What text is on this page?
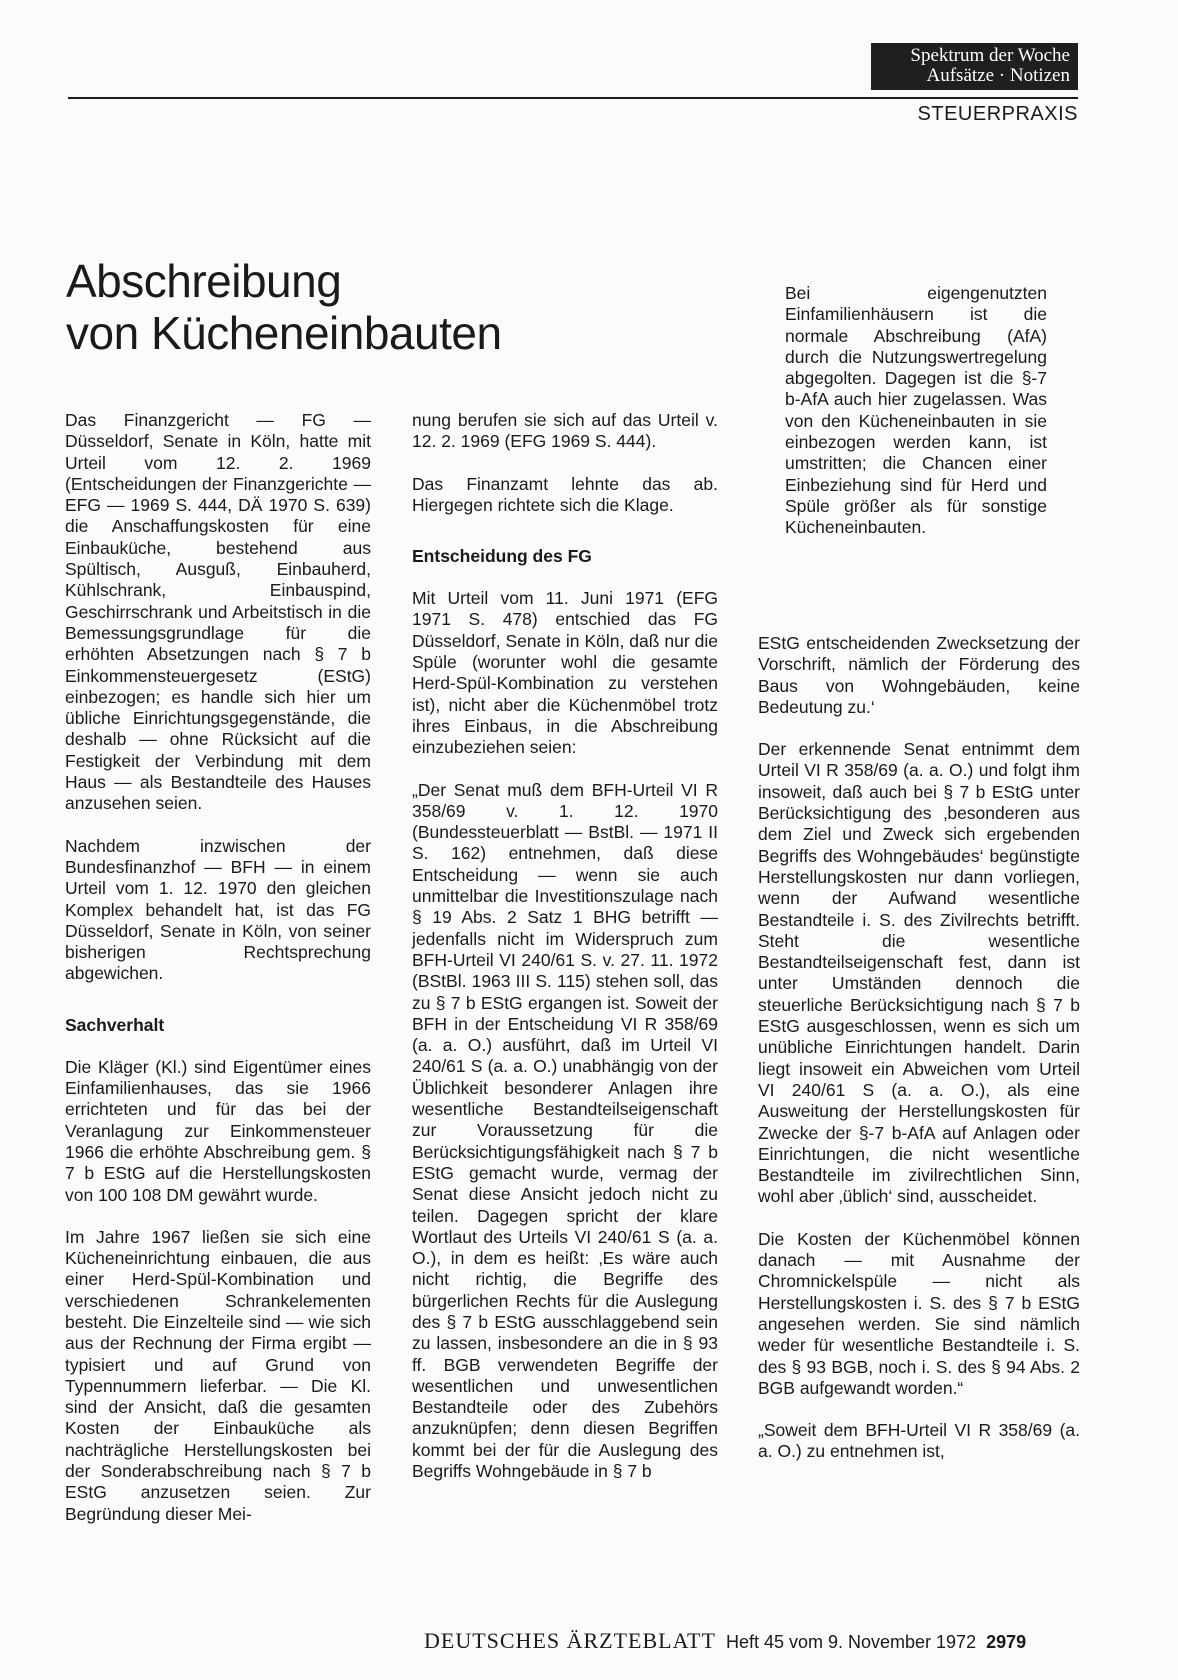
Spektrum der Woche
Aufsätze · Notizen
STEUERPRAXIS
Abschreibung
von Kücheneinbauten

Das Finanzgericht — FG — Düsseldorf, Senate in Köln, hatte mit Urteil vom 12. 2. 1969 (Entscheidungen der Finanzgerichte — EFG — 1969 S. 444, DÄ 1970 S. 639) die Anschaffungskosten für eine Einbauküche, bestehend aus Spültisch, Ausguß, Einbauherd, Kühlschrank, Einbauspind, Geschirrschrank und Arbeitstisch in die Bemessungsgrundlage für die erhöhten Absetzungen nach § 7 b Einkommensteuergesetz (EStG) einbezogen; es handle sich hier um übliche Einrichtungsgegenstände, die deshalb — ohne Rücksicht auf die Festigkeit der Verbindung mit dem Haus — als Bestandteile des Hauses anzusehen seien.

Nachdem inzwischen der Bundesfinanzhof — BFH — in einem Urteil vom 1. 12. 1970 den gleichen Komplex behandelt hat, ist das FG Düsseldorf, Senate in Köln, von seiner bisherigen Rechtsprechung abgewichen.

Sachverhalt

Die Kläger (Kl.) sind Eigentümer eines Einfamilienhauses, das sie 1966 errichteten und für das bei der Veranlagung zur Einkommensteuer 1966 die erhöhte Abschreibung gem. § 7 b EStG auf die Herstellungskosten von 100 108 DM gewährt wurde.

Im Jahre 1967 ließen sie sich eine Kücheneinrichtung einbauen, die aus einer Herd-Spül-Kombination und verschiedenen Schrankelementen besteht. Die Einzelteile sind — wie sich aus der Rechnung der Firma ergibt — typisiert und auf Grund von Typennummern lieferbar. — Die Kl. sind der Ansicht, daß die gesamten Kosten der Einbauküche als nachträgliche Herstellungskosten bei der Sonderabschreibung nach § 7 b EStG anzusetzen seien. Zur Begründung dieser Mei-

nung berufen sie sich auf das Urteil v. 12. 2. 1969 (EFG 1969 S. 444).

Das Finanzamt lehnte das ab. Hiergegen richtete sich die Klage.

Entscheidung des FG

Mit Urteil vom 11. Juni 1971 (EFG 1971 S. 478) entschied das FG Düsseldorf, Senate in Köln, daß nur die Spüle (worunter wohl die gesamte Herd-Spül-Kombination zu verstehen ist), nicht aber die Küchenmöbel trotz ihres Einbaus, in die Abschreibung einzubeziehen seien:

„Der Senat muß dem BFH-Urteil VI R 358/69 v. 1. 12. 1970 (Bundessteuerblatt — BstBl. — 1971 II S. 162) entnehmen, daß diese Entscheidung — wenn sie auch unmittelbar die Investitionszulage nach § 19 Abs. 2 Satz 1 BHG betrifft — jedenfalls nicht im Widerspruch zum BFH-Urteil VI 240/61 S. v. 27. 11. 1972 (BStBl. 1963 III S. 115) stehen soll, das zu § 7 b EStG ergangen ist. Soweit der BFH in der Entscheidung VI R 358/69 (a. a. O.) ausführt, daß im Urteil VI 240/61 S (a. a. O.) unabhängig von der Üblichkeit besonderer Anlagen ihre wesentliche Bestandteilseigenschaft zur Voraussetzung für die Berücksichtigungsfähigkeit nach § 7 b EStG gemacht wurde, vermag der Senat diese Ansicht jedoch nicht zu teilen. Dagegen spricht der klare Wortlaut des Urteils VI 240/61 S (a. a. O.), in dem es heißt: ‚Es wäre auch nicht richtig, die Begriffe des bürgerlichen Rechts für die Auslegung des § 7 b EStG ausschlaggebend sein zu lassen, insbesondere an die in § 93 ff. BGB verwendeten Begriffe der wesentlichen und unwesentlichen Bestandteile oder des Zubehörs anzuknüpfen; denn diesen Begriffen kommt bei der für die Auslegung des Begriffs Wohngebäude in § 7 b

Bei eigengenutzten Einfamilienhäusern ist die normale Abschreibung (AfA) durch die Nutzungswertregelung abgegolten. Dagegen ist die §-7 b-AfA auch hier zugelassen. Was von den Kücheneinbauten in sie einbezogen werden kann, ist umstritten; die Chancen einer Einbeziehung sind für Herd und Spüle größer als für sonstige Kücheneinbauten.

EStG entscheidenden Zwecksetzung der Vorschrift, nämlich der Förderung des Baus von Wohngebäuden, keine Bedeutung zu.‘

Der erkennende Senat entnimmt dem Urteil VI R 358/69 (a. a. O.) und folgt ihm insoweit, daß auch bei § 7 b EStG unter Berücksichtigung des ‚besonderen aus dem Ziel und Zweck sich ergebenden Begriffs des Wohngebäudes‘ begünstigte Herstellungskosten nur dann vorliegen, wenn der Aufwand wesentliche Bestandteile i. S. des Zivilrechts betrifft. Steht die wesentliche Bestandteilseigenschaft fest, dann ist unter Umständen dennoch die steuerliche Berücksichtigung nach § 7 b EStG ausgeschlossen, wenn es sich um unübliche Einrichtungen handelt. Darin liegt insoweit ein Abweichen vom Urteil VI 240/61 S (a. a. O.), als eine Ausweitung der Herstellungskosten für Zwecke der §-7 b-AfA auf Anlagen oder Einrichtungen, die nicht wesentliche Bestandteile im zivilrechtlichen Sinn, wohl aber ‚üblich‘ sind, ausscheidet.

Die Kosten der Küchenmöbel können danach — mit Ausnahme der Chromnickelspüle — nicht als Herstellungskosten i. S. des § 7 b EStG angesehen werden. Sie sind nämlich weder für wesentliche Bestandteile i. S. des § 93 BGB, noch i. S. des § 94 Abs. 2 BGB aufgewandt worden.“

„Soweit dem BFH-Urteil VI R 358/69 (a. a. O.) zu entnehmen ist,

DEUTSCHES ÄRZTEBLATT Heft 45 vom 9. November 1972 2979
